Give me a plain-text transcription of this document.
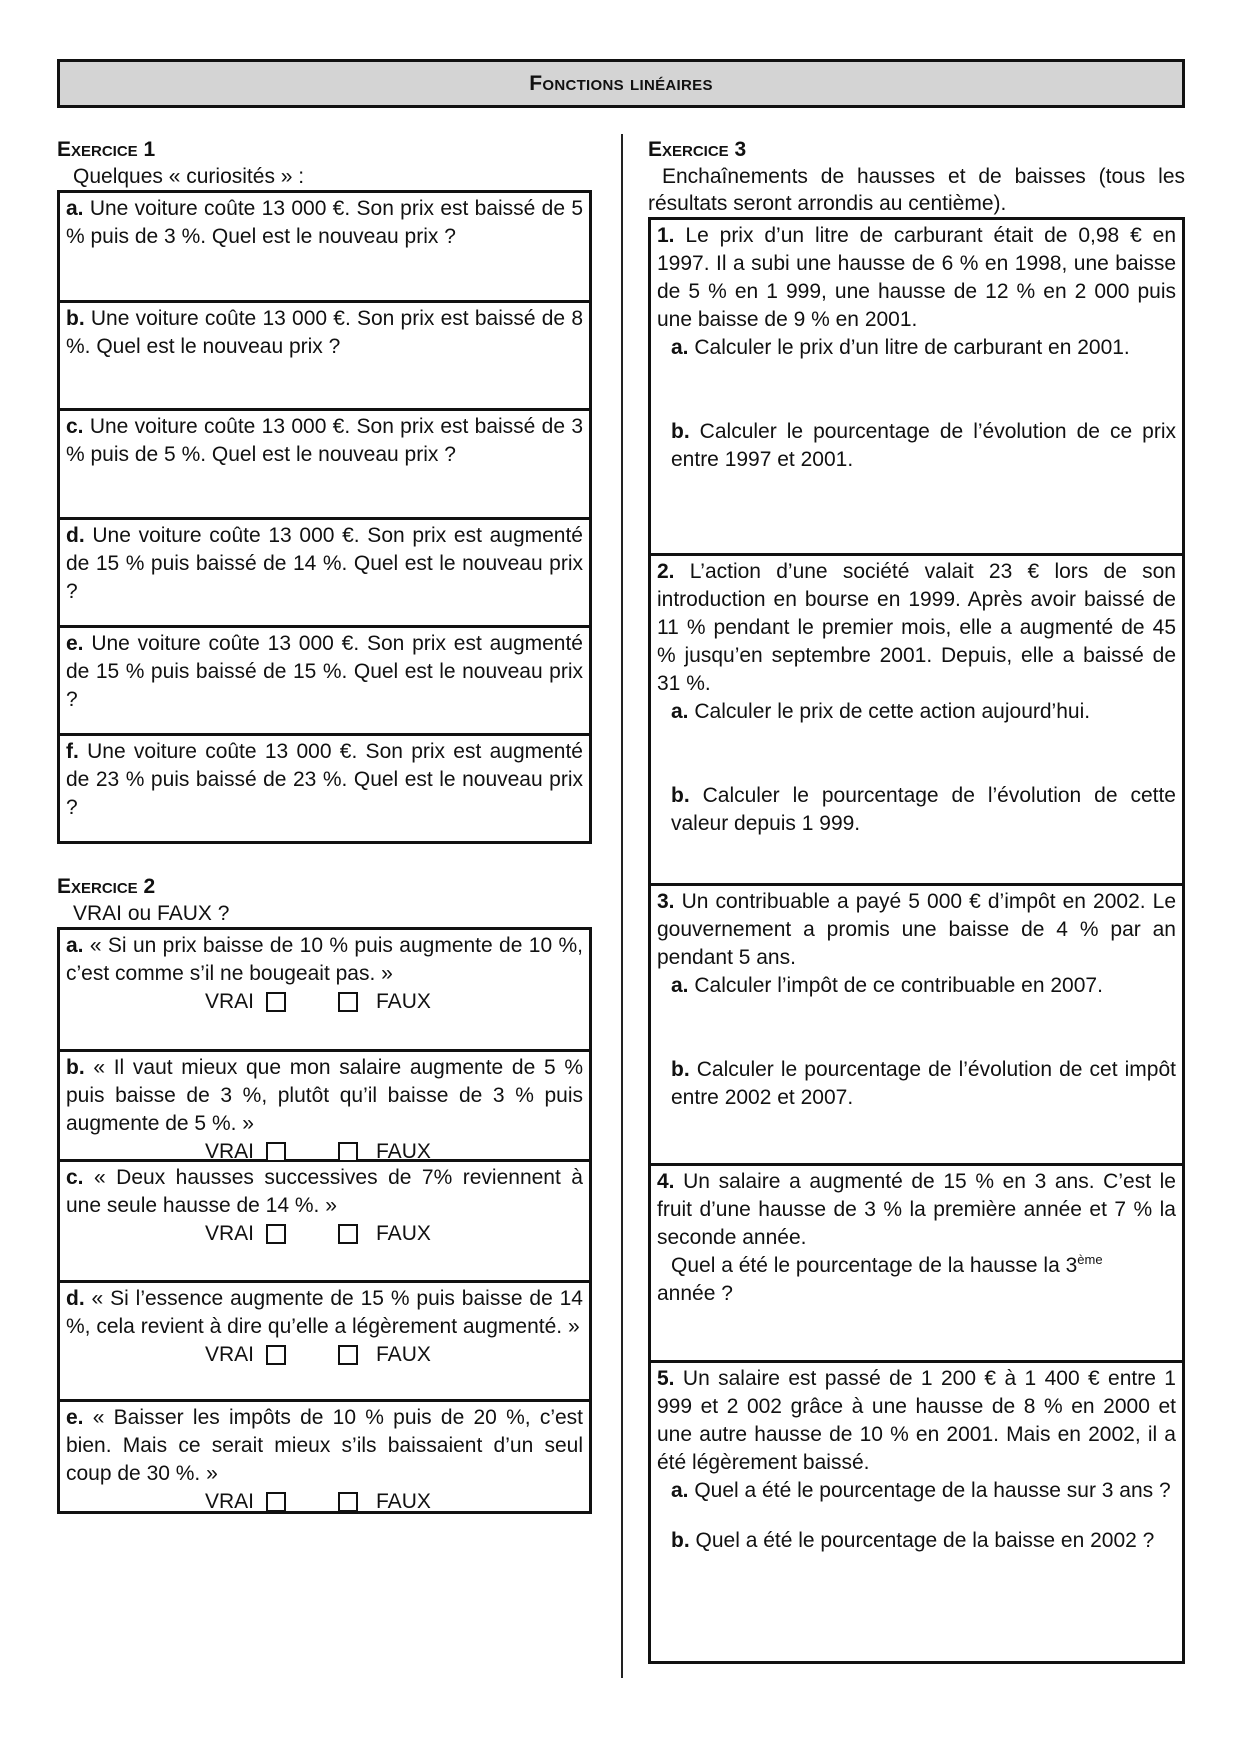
Fonctions linéaires
Exercice 1
Quelques « curiosités » :
a. Une voiture coûte 13 000 €. Son prix est baissé de 5 % puis de 3 %. Quel est le nouveau prix ?
b. Une voiture coûte 13 000 €. Son prix est baissé de 8 %. Quel est le nouveau prix ?
c. Une voiture coûte 13 000 €. Son prix est baissé de 3 % puis de 5 %. Quel est le nouveau prix ?
d. Une voiture coûte 13 000 €. Son prix est augmenté de 15 % puis baissé de 14 %. Quel est le nouveau prix ?
e. Une voiture coûte 13 000 €. Son prix est augmenté de 15 % puis baissé de 15 %. Quel est le nouveau prix ?
f. Une voiture coûte 13 000 €. Son prix est augmenté de 23 % puis baissé de 23 %. Quel est le nouveau prix ?
Exercice 2
VRAI ou FAUX ?
a. « Si un prix baisse de 10 % puis augmente de 10 %, c’est comme s’il ne bougeait pas. »
VRAI	FAUX
b. « Il vaut mieux que mon salaire augmente de 5 % puis baisse de 3 %, plutôt qu’il baisse de 3 % puis augmente de 5 %. »
VRAI	FAUX
c. « Deux hausses successives de 7% reviennent à une seule hausse de 14 %. »
VRAI	FAUX
d. « Si l’essence augmente de 15 % puis baisse de 14 %, cela revient à dire qu’elle a légèrement augmenté. »
VRAI	FAUX
e. « Baisser les impôts de 10 % puis de 20 %, c’est bien. Mais ce serait mieux s’ils baissaient d’un seul coup de 30 %. »
VRAI	FAUX
Exercice 3
Enchaînements de hausses et de baisses (tous les résultats seront arrondis au centième).
1. Le prix d’un litre de carburant était de 0,98 € en 1997. Il a subi une hausse de 6 % en 1998, une baisse de 5 % en 1 999, une hausse de 12 % en 2 000 puis une baisse de 9 % en 2001.
a. Calculer le prix d’un litre de carburant en 2001.
b. Calculer le pourcentage de l’évolution de ce prix entre 1997 et 2001.
2. L’action d’une société valait 23 € lors de son introduction en bourse en 1999. Après avoir baissé de 11 % pendant le premier mois, elle a augmenté de 45 % jusqu’en septembre 2001. Depuis, elle a baissé de 31 %.
a. Calculer le prix de cette action aujourd’hui.
b. Calculer le pourcentage de l’évolution de cette valeur depuis 1 999.
3. Un contribuable a payé 5 000 € d’impôt en 2002. Le gouvernement a promis une baisse de 4 % par an pendant 5 ans.
a. Calculer l’impôt de ce contribuable en 2007.
b. Calculer le pourcentage de l’évolution de cet impôt entre 2002 et 2007.
4. Un salaire a augmenté de 15 % en 3 ans. C’est le fruit d’une hausse de 3 % la première année et 7 % la seconde année.
Quel a été le pourcentage de la hausse la 3ème
année ?
5. Un salaire est passé de 1 200 € à 1 400 € entre 1 999 et 2 002 grâce à une hausse de 8 % en 2000 et une autre hausse de 10 % en 2001. Mais en 2002, il a été légèrement baissé.
a. Quel a été le pourcentage de la hausse sur 3 ans ?
b. Quel a été le pourcentage de la baisse en 2002 ?
